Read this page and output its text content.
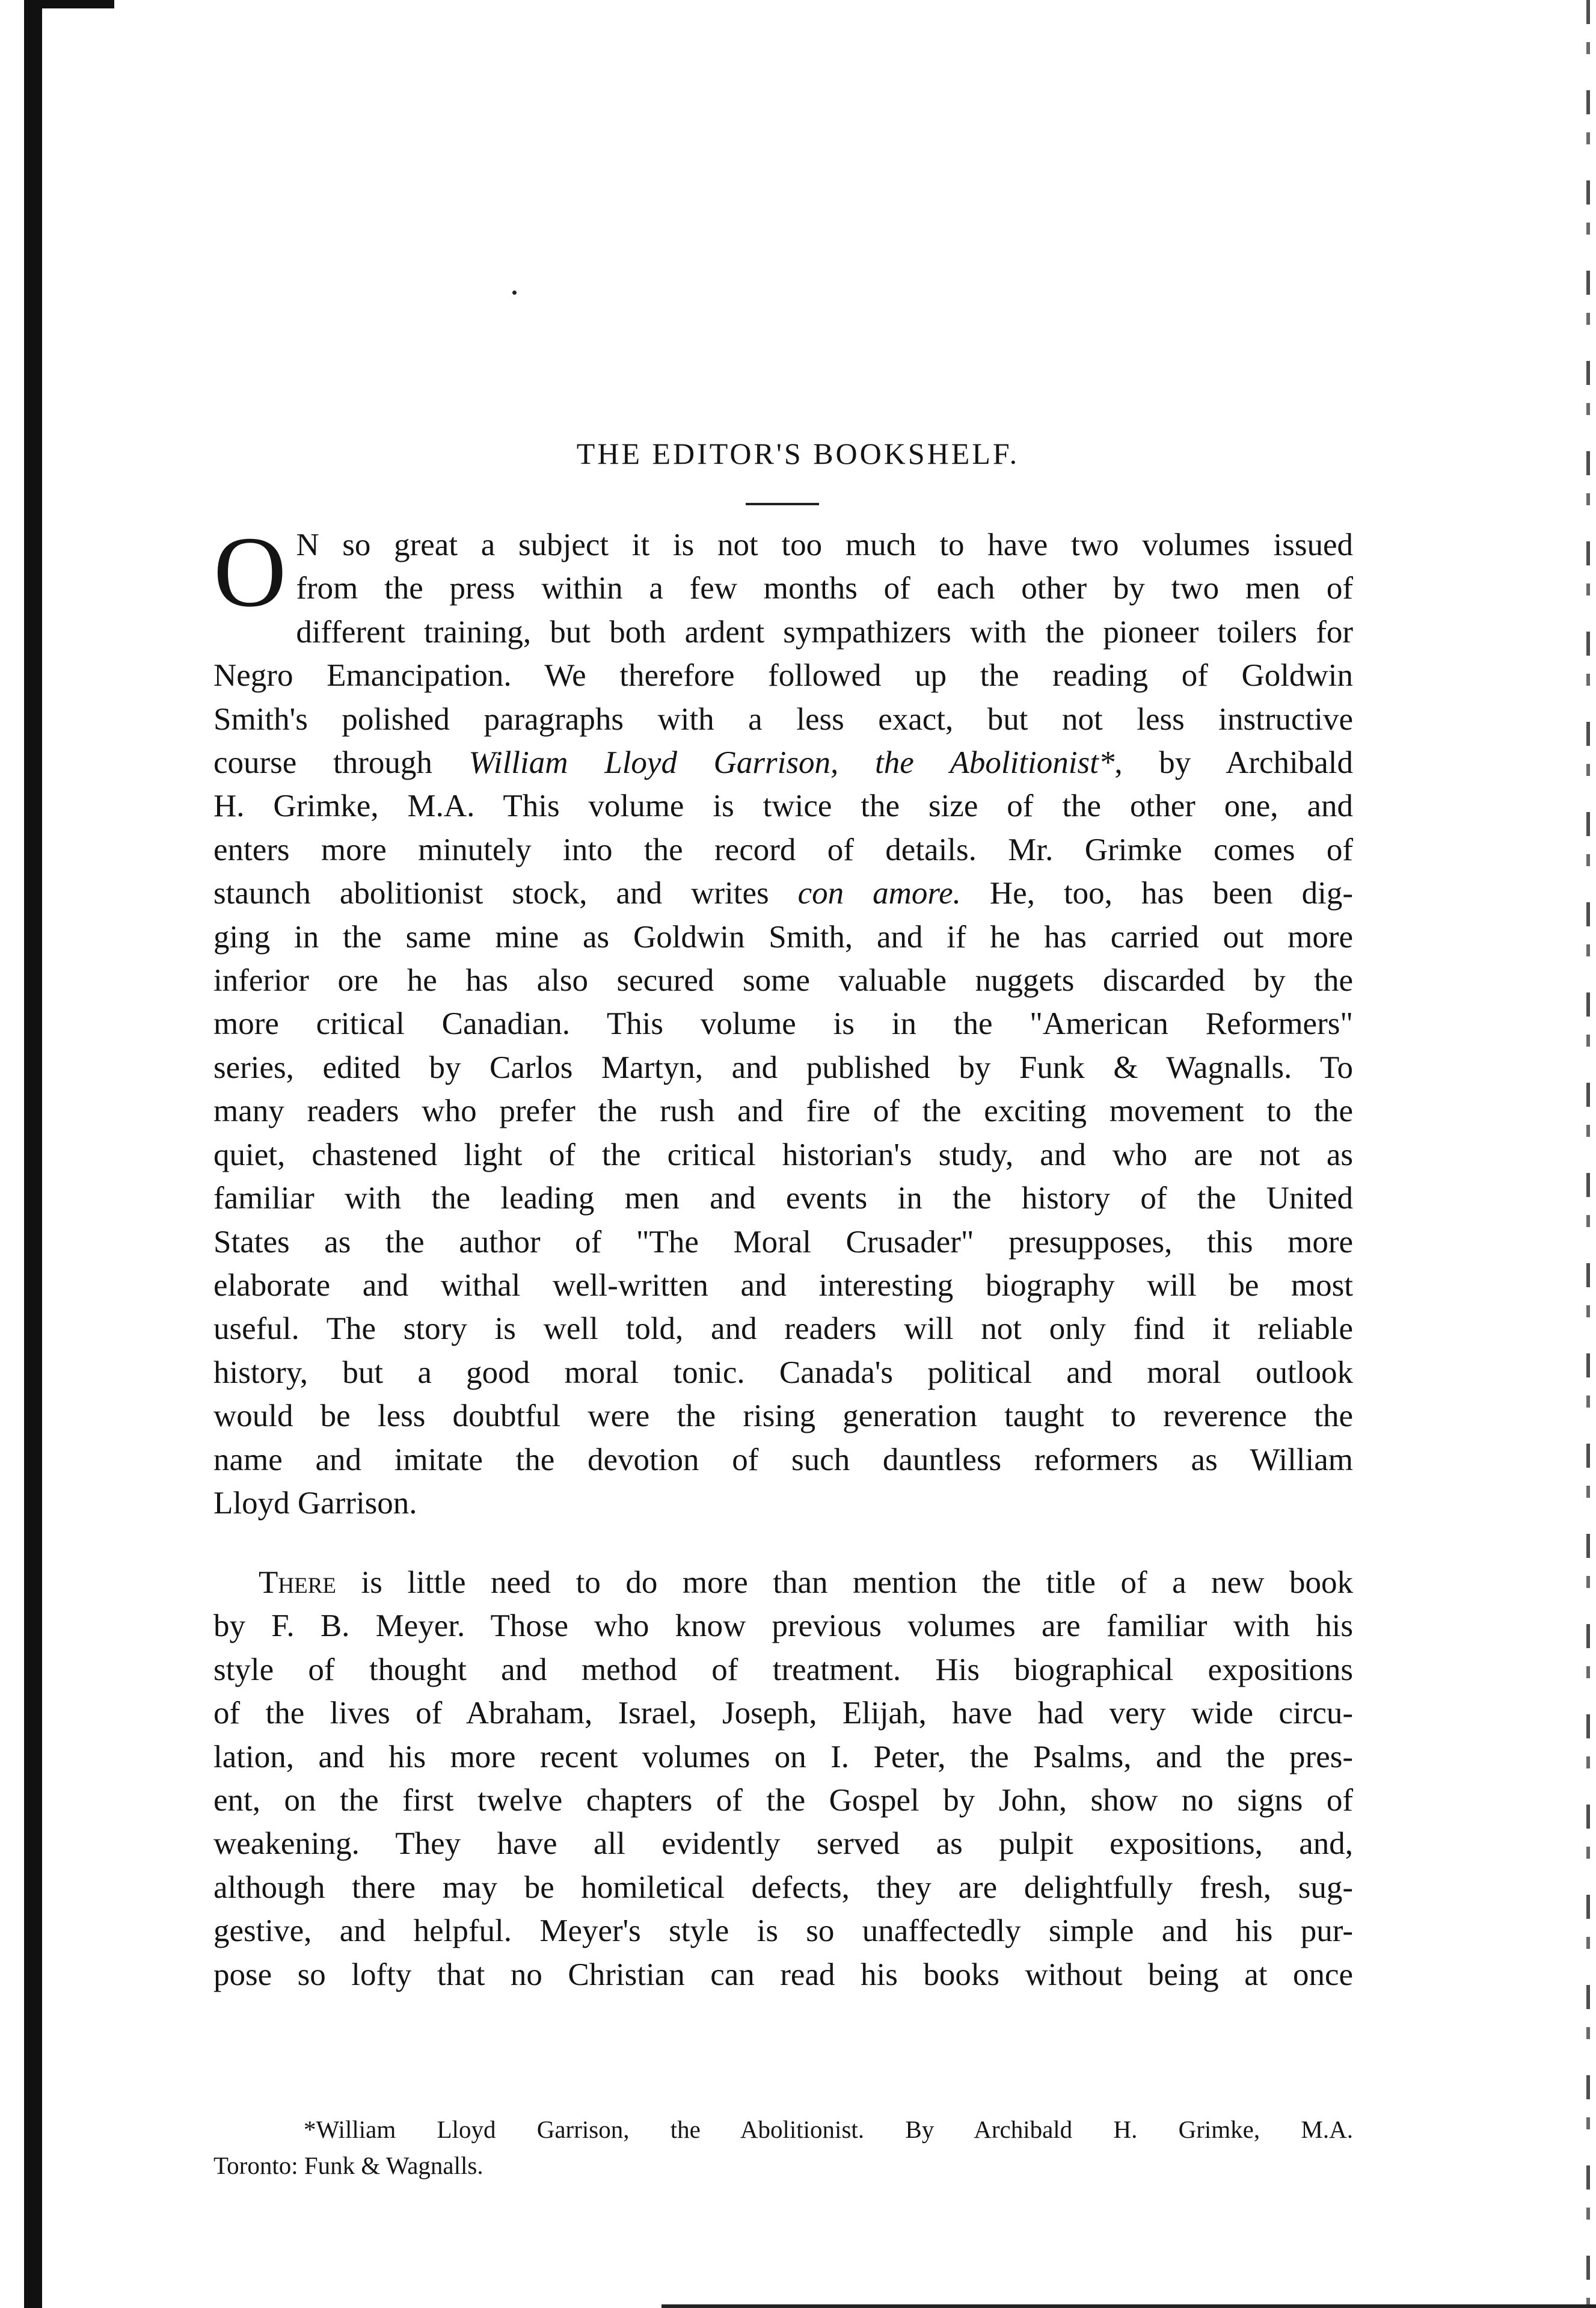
THE EDITOR'S BOOKSHELF.
O N so great a subject it is not too much to have two volumes issued
from the press within a few months of each other by two men of
different training, but both ardent sympathizers with the pioneer toilers for
Negro Emancipation. We therefore followed up the reading of Goldwin
Smith's polished paragraphs with a less exact, but not less instructive
course through William Lloyd Garrison, the Abolitionist*, by Archibald
H. Grimke, M.A. This volume is twice the size of the other one, and
enters more minutely into the record of details. Mr. Grimke comes of
staunch abolitionist stock, and writes con amore. He, too, has been dig-
ging in the same mine as Goldwin Smith, and if he has carried out more
inferior ore he has also secured some valuable nuggets discarded by the
more critical Canadian. This volume is in the "American Reformers"
series, edited by Carlos Martyn, and published by Funk & Wagnalls. To
many readers who prefer the rush and fire of the exciting movement to the
quiet, chastened light of the critical historian's study, and who are not as
familiar with the leading men and events in the history of the United
States as the author of "The Moral Crusader" presupposes, this more
elaborate and withal well-written and interesting biography will be most
useful. The story is well told, and readers will not only find it reliable
history, but a good moral tonic. Canada's political and moral outlook
would be less doubtful were the rising generation taught to reverence the
name and imitate the devotion of such dauntless reformers as William
Lloyd Garrison.
There is little need to do more than mention the title of a new book
by F. B. Meyer. Those who know previous volumes are familiar with his
style of thought and method of treatment. His biographical expositions
of the lives of Abraham, Israel, Joseph, Elijah, have had very wide circu-
lation, and his more recent volumes on I. Peter, the Psalms, and the pres-
ent, on the first twelve chapters of the Gospel by John, show no signs of
weakening. They have all evidently served as pulpit expositions, and,
although there may be homiletical defects, they are delightfully fresh, sug-
gestive, and helpful. Meyer's style is so unaffectedly simple and his pur-
pose so lofty that no Christian can read his books without being at once
*William Lloyd Garrison, the Abolitionist. By Archibald H. Grimke, M.A.
Toronto: Funk & Wagnalls.
